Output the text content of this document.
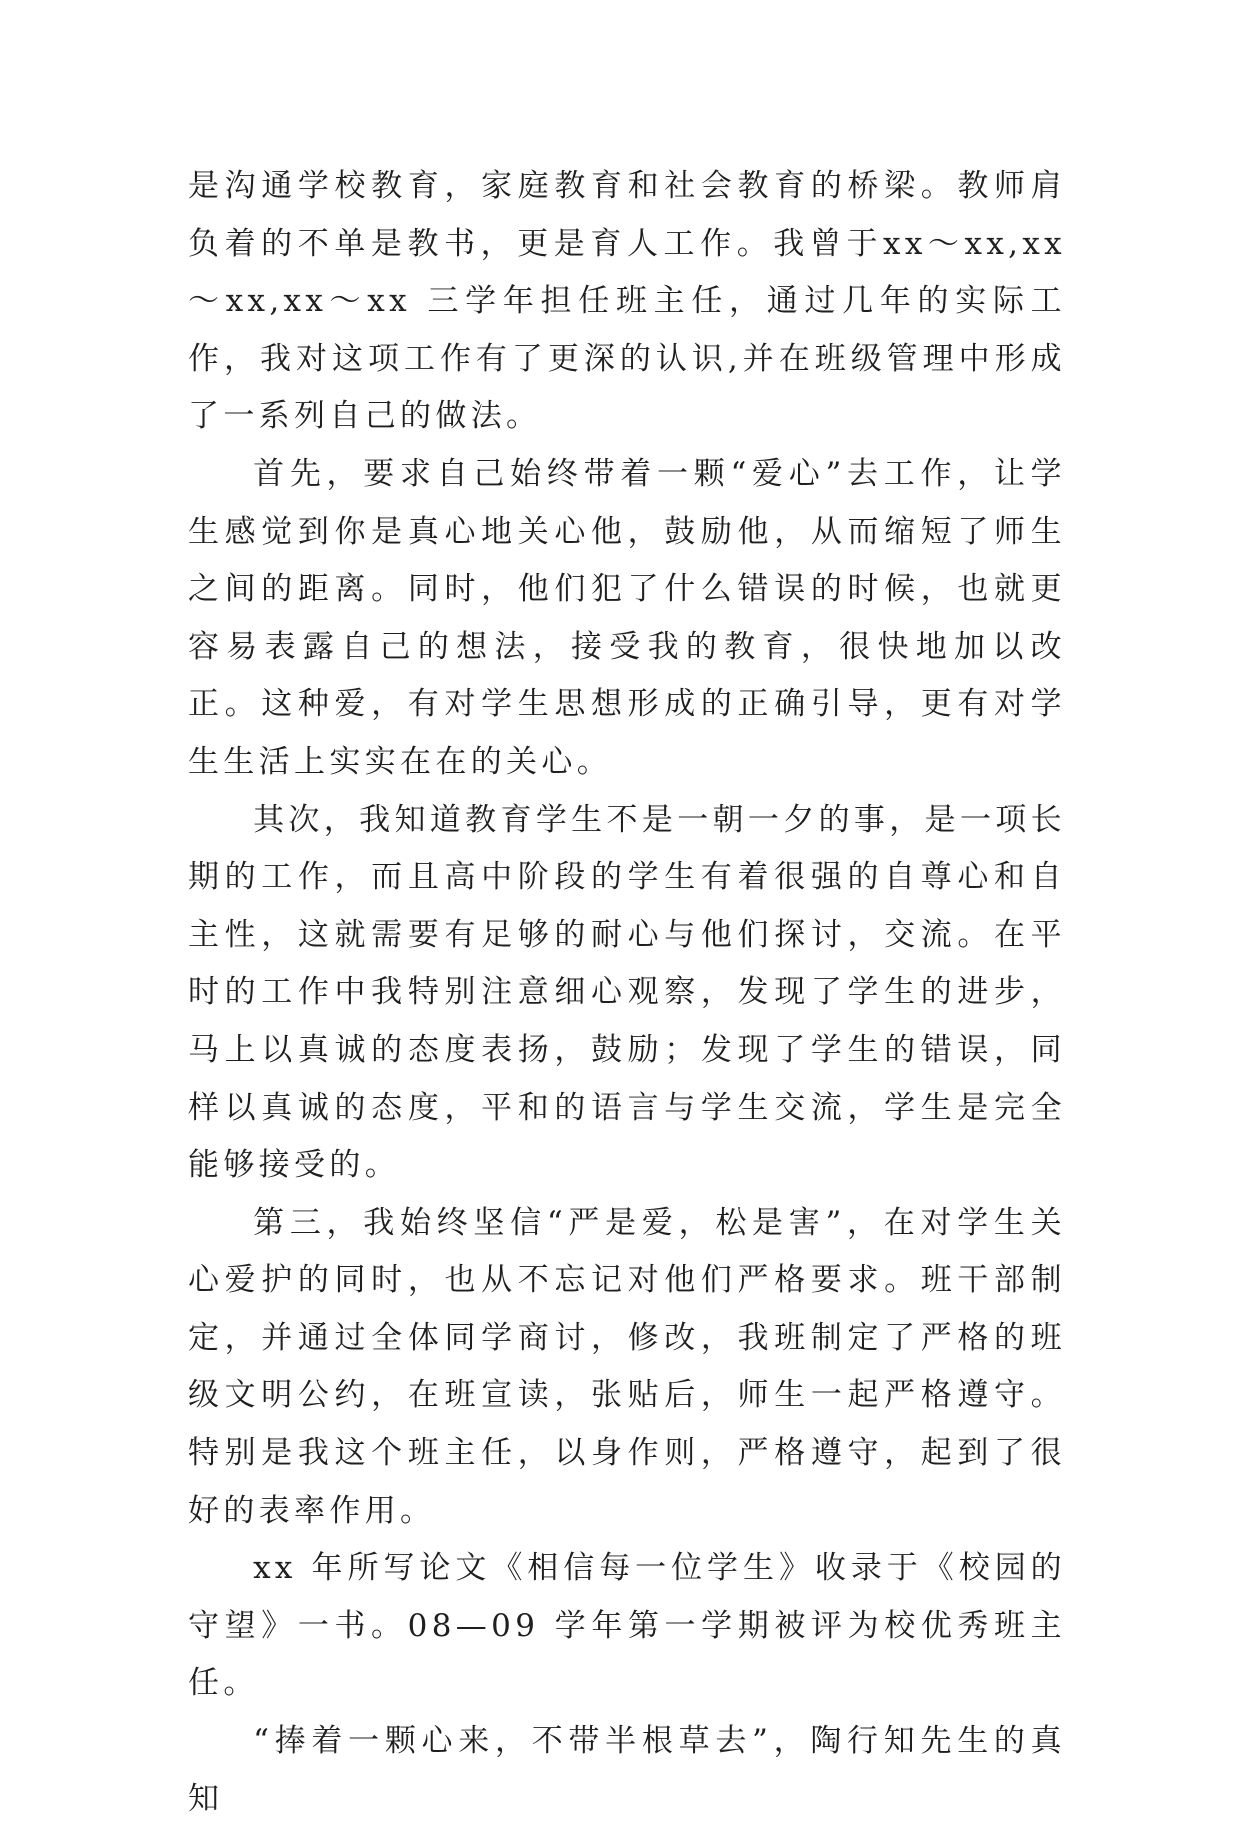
是沟通学校教育，家庭教育和社会教育的桥梁。教师肩负着的不单是教书，更是育人工作。我曾于xx～xx,xx～xx,xx～xx 三学年担任班主任，通过几年的实际工作，我对这项工作有了更深的认识,并在班级管理中形成了一系列自己的做法。

首先，要求自己始终带着一颗“爱心”去工作，让学生感觉到你是真心地关心他，鼓励他，从而缩短了师生之间的距离。同时，他们犯了什么错误的时候，也就更容易表露自己的想法，接受我的教育，很快地加以改正。这种爱，有对学生思想形成的正确引导，更有对学生生活上实实在在的关心。

其次，我知道教育学生不是一朝一夕的事，是一项长期的工作，而且高中阶段的学生有着很强的自尊心和自主性，这就需要有足够的耐心与他们探讨，交流。在平时的工作中我特别注意细心观察，发现了学生的进步，马上以真诚的态度表扬，鼓励；发现了学生的错误，同样以真诚的态度，平和的语言与学生交流，学生是完全能够接受的。

第三，我始终坚信“严是爱，松是害”，在对学生关心爱护的同时，也从不忘记对他们严格要求。班干部制定，并通过全体同学商讨，修改，我班制定了严格的班级文明公约，在班宣读，张贴后，师生一起严格遵守。特别是我这个班主任，以身作则，严格遵守，起到了很好的表率作用。

xx 年所写论文《相信每一位学生》收录于《校园的守望》一书。08—09 学年第一学期被评为校优秀班主任。

“捧着一颗心来，不带半根草去”，陶行知先生的真知
